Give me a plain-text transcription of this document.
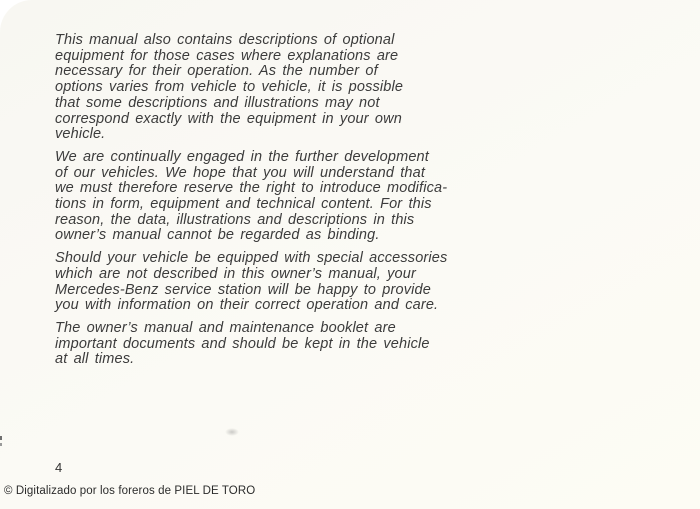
This manual also contains descriptions of optional
equipment for those cases where explanations are
necessary for their operation. As the number of
options varies from vehicle to vehicle, it is possible
that some descriptions and illustrations may not
correspond exactly with the equipment in your own
vehicle.
We are continually engaged in the further development
of our vehicles. We hope that you will understand that
we must therefore reserve the right to introduce modifica-
tions in form, equipment and technical content. For this
reason, the data, illustrations and descriptions in this
owner’s manual cannot be regarded as binding.
Should your vehicle be equipped with special accessories
which are not described in this owner’s manual, your
Mercedes-Benz service station will be happy to provide
you with information on their correct operation and care.
The owner’s manual and maintenance booklet are
important documents and should be kept in the vehicle
at all times.
4
© Digitalizado por los foreros de PIEL DE TORO
